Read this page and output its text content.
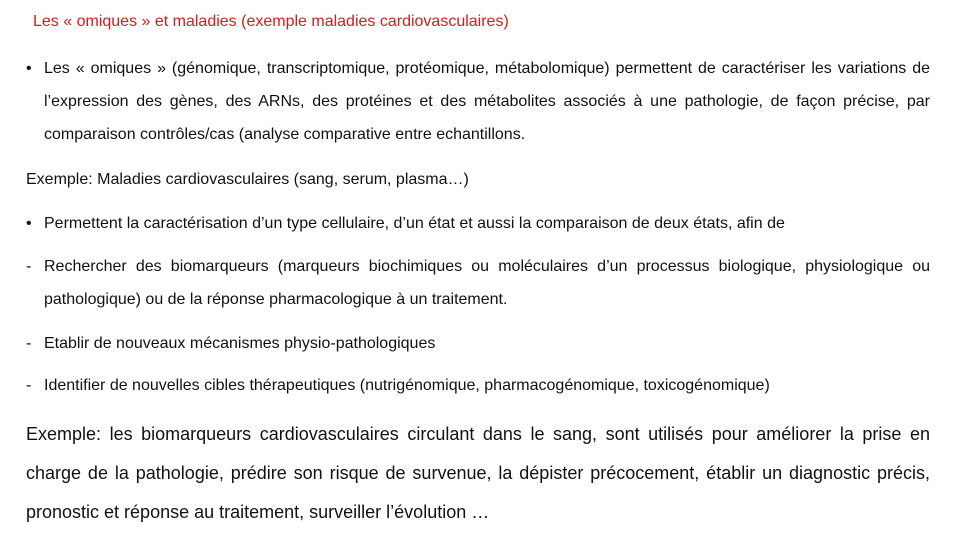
Les « omiques » et maladies (exemple maladies cardiovasculaires)
• Les « omiques » (génomique, transcriptomique, protéomique, métabolomique) permettent de caractériser les variations de l’expression des gènes, des ARNs, des protéines et des métabolites associés à une pathologie, de façon précise, par comparaison contrôles/cas (analyse comparative entre echantillons.
Exemple: Maladies cardiovasculaires (sang, serum, plasma…)
• Permettent la caractérisation d’un type cellulaire, d’un état et aussi la comparaison de deux états, afin de
- Rechercher des biomarqueurs (marqueurs biochimiques ou moléculaires d’un processus biologique, physiologique ou pathologique) ou de la réponse pharmacologique à un traitement.
- Etablir de nouveaux mécanismes physio-pathologiques
- Identifier de nouvelles cibles thérapeutiques (nutrigénomique, pharmacogénomique, toxicogénomique)
Exemple: les biomarqueurs cardiovasculaires circulant dans le sang, sont utilisés pour améliorer la prise en charge de la pathologie, prédire son risque de survenue, la dépister précocement, établir un diagnostic précis, pronostic et réponse au traitement, surveiller l’évolution …
